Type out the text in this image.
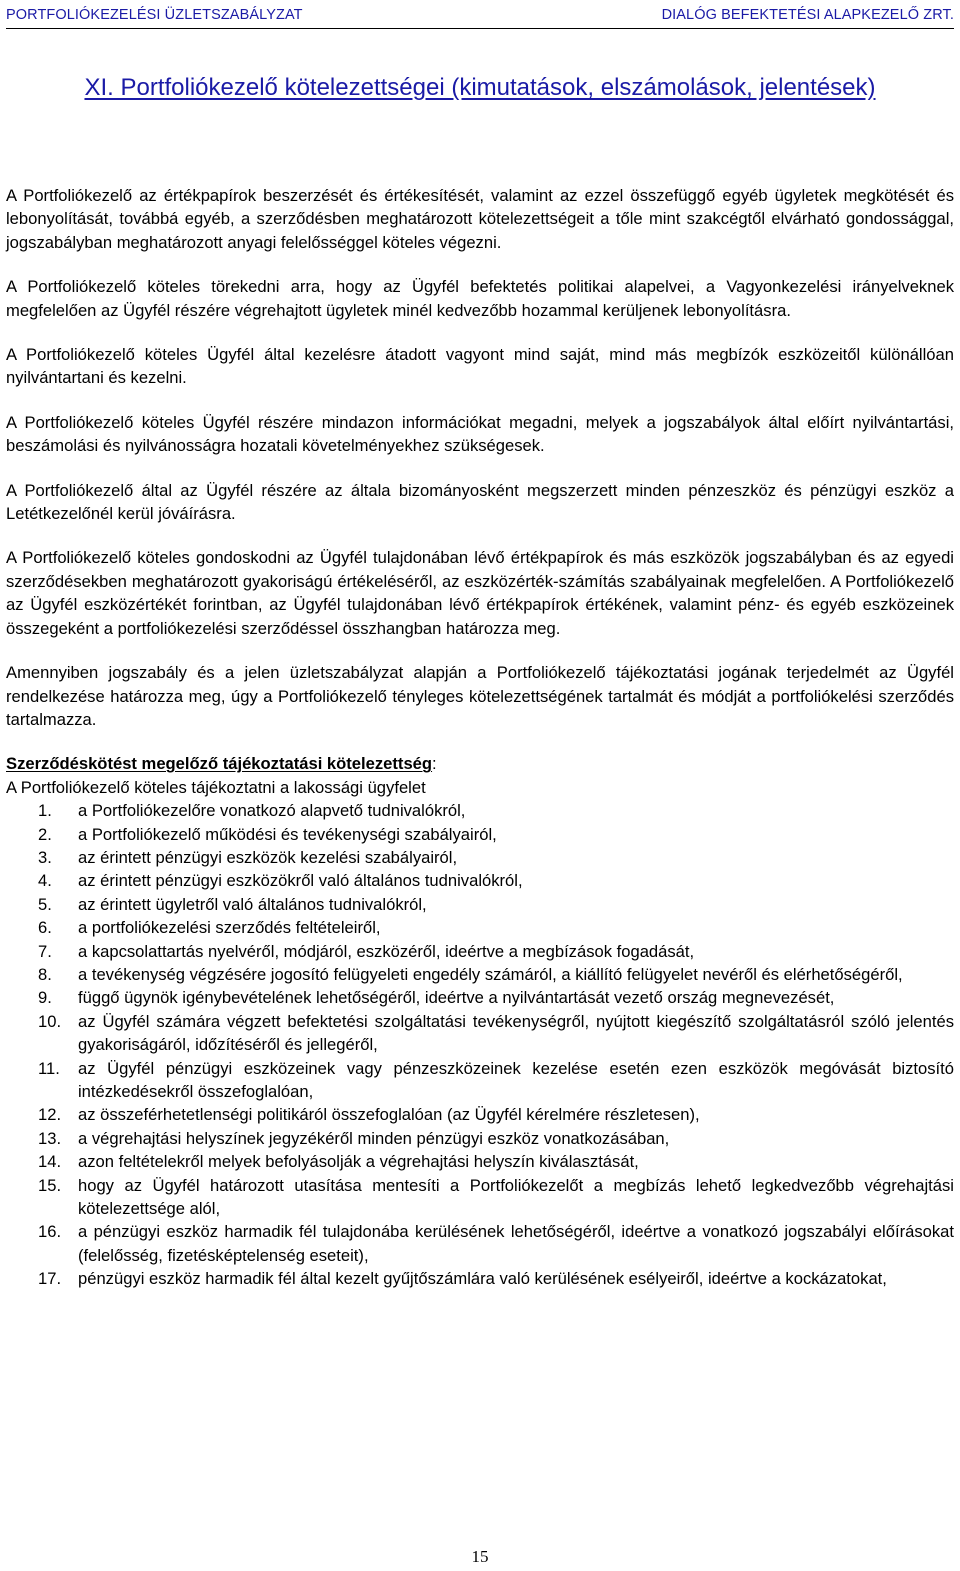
PORTFOLIÓKEZELÉSI ÜZLETSZABÁLYZAT	DIALÓG BEFEKTETÉSI ALAPKEZELŐ ZRT.
XI. Portfoliókezelő kötelezettségei (kimutatások, elszámolások, jelentések)

A Portfoliókezelő az értékpapírok beszerzését és értékesítését, valamint az ezzel összefüggő egyéb ügyletek megkötését és lebonyolítását, továbbá egyéb, a szerződésben meghatározott kötelezettségeit a tőle mint szakcégtől elvárható gondossággal, jogszabályban meghatározott anyagi felelősséggel köteles végezni.

A Portfoliókezelő köteles törekedni arra, hogy az Ügyfél befektetés politikai alapelvei, a Vagyonkezelési irányelveknek megfelelően az Ügyfél részére végrehajtott ügyletek minél kedvezőbb hozammal kerüljenek lebonyolításra.

A Portfoliókezelő köteles Ügyfél által kezelésre átadott vagyont mind saját, mind más megbízók eszközeitől különállóan nyilvántartani és kezelni.

A Portfoliókezelő köteles Ügyfél részére mindazon információkat megadni, melyek a jogszabályok által előírt nyilvántartási, beszámolási és nyilvánosságra hozatali követelményekhez szükségesek.

A Portfoliókezelő által az Ügyfél részére az általa bizományosként megszerzett minden pénzeszköz és pénzügyi eszköz a Letétkezelőnél kerül jóváírásra.

A Portfoliókezelő köteles gondoskodni az Ügyfél tulajdonában lévő értékpapírok és más eszközök jogszabályban és az egyedi szerződésekben meghatározott gyakoriságú értékeléséről, az eszközérték-számítás szabályainak megfelelően. A Portfoliókezelő az Ügyfél eszközértékét forintban, az Ügyfél tulajdonában lévő értékpapírok értékének, valamint pénz- és egyéb eszközeinek összegeként a portfoliókezelési szerződéssel összhangban határozza meg.

Amennyiben jogszabály és a jelen üzletszabályzat alapján a Portfoliókezelő tájékoztatási jogának terjedelmét az Ügyfél rendelkezése határozza meg, úgy a Portfoliókezelő tényleges kötelezettségének tartalmát és módját a portfoliókelési szerződés tartalmazza.

Szerződéskötést megelőző tájékoztatási kötelezettség:
A Portfoliókezelő köteles tájékoztatni a lakossági ügyfelet
1.	a Portfoliókezelőre vonatkozó alapvető tudnivalókról,
2.	a Portfoliókezelő működési és tevékenységi szabályairól,
3.	az érintett pénzügyi eszközök kezelési szabályairól,
4.	az érintett pénzügyi eszközökről való általános tudnivalókról,
5.	az érintett ügyletről való általános tudnivalókról,
6.	a portfoliókezelési szerződés feltételeiről,
7.	a kapcsolattartás nyelvéről, módjáról, eszközéről, ideértve a megbízások fogadását,
8.	a tevékenység végzésére jogosító felügyeleti engedély számáról, a kiállító felügyelet nevéről és elérhetőségéről,
9.	függő ügynök igénybevételének lehetőségéről, ideértve a nyilvántartását vezető ország megnevezését,
10.	az Ügyfél számára végzett befektetési szolgáltatási tevékenységről, nyújtott kiegészítő szolgáltatásról szóló jelentés gyakoriságáról, időzítéséről és jellegéről,
11.	az Ügyfél pénzügyi eszközeinek vagy pénzeszközeinek kezelése esetén ezen eszközök megóvását biztosító intézkedésekről összefoglalóan,
12.	az összeférhetetlenségi politikáról összefoglalóan (az Ügyfél kérelmére részletesen),
13.	a végrehajtási helyszínek jegyzékéről minden pénzügyi eszköz vonatkozásában,
14.	azon feltételekről melyek befolyásolják a végrehajtási helyszín kiválasztását,
15.	hogy az Ügyfél határozott utasítása mentesíti a Portfoliókezelőt a megbízás lehető legkedvezőbb végrehajtási kötelezettsége alól,
16.	a pénzügyi eszköz harmadik fél tulajdonába kerülésének lehetőségéről, ideértve a vonatkozó jogszabályi előírásokat (felelősség, fizetésképtelenség eseteit),
17.	pénzügyi eszköz harmadik fél által kezelt gyűjtőszámlára való kerülésének esélyeiről, ideértve a kockázatokat,
15
